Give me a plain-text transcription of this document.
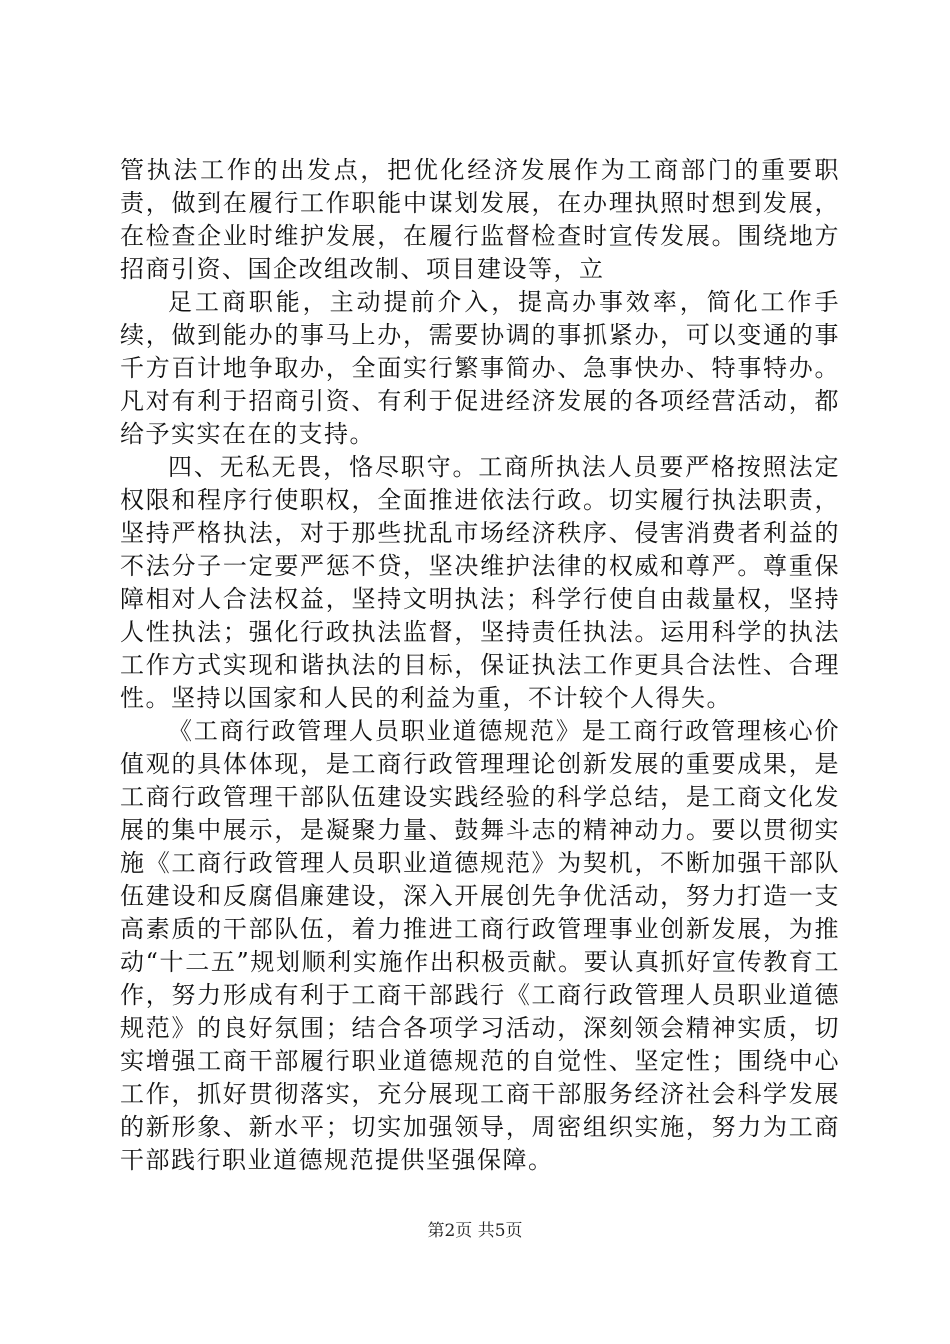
管执法工作的出发点，把优化经济发展作为工商部门的重要职责，做到在履行工作职能中谋划发展，在办理执照时想到发展，在检查企业时维护发展，在履行监督检查时宣传发展。围绕地方招商引资、国企改组改制、项目建设等，立

足工商职能，主动提前介入，提高办事效率，简化工作手续，做到能办的事马上办，需要协调的事抓紧办，可以变通的事千方百计地争取办，全面实行繁事简办、急事快办、特事特办。凡对有利于招商引资、有利于促进经济发展的各项经营活动，都给予实实在在的支持。

四、无私无畏，恪尽职守。工商所执法人员要严格按照法定权限和程序行使职权，全面推进依法行政。切实履行执法职责，坚持严格执法，对于那些扰乱市场经济秩序、侵害消费者利益的不法分子一定要严惩不贷，坚决维护法律的权威和尊严。尊重保障相对人合法权益，坚持文明执法；科学行使自由裁量权，坚持人性执法；强化行政执法监督，坚持责任执法。运用科学的执法工作方式实现和谐执法的目标，保证执法工作更具合法性、合理性。坚持以国家和人民的利益为重，不计较个人得失。

《工商行政管理人员职业道德规范》是工商行政管理核心价值观的具体体现，是工商行政管理理论创新发展的重要成果，是工商行政管理干部队伍建设实践经验的科学总结，是工商文化发展的集中展示，是凝聚力量、鼓舞斗志的精神动力。要以贯彻实施《工商行政管理人员职业道德规范》为契机，不断加强干部队伍建设和反腐倡廉建设，深入开展创先争优活动，努力打造一支高素质的干部队伍，着力推进工商行政管理事业创新发展，为推动“十二五”规划顺利实施作出积极贡献。要认真抓好宣传教育工作，努力形成有利于工商干部践行《工商行政管理人员职业道德规范》的良好氛围；结合各项学习活动，深刻领会精神实质，切实增强工商干部履行职业道德规范的自觉性、坚定性；围绕中心工作，抓好贯彻落实，充分展现工商干部服务经济社会科学发展的新形象、新水平；切实加强领导，周密组织实施，努力为工商干部践行职业道德规范提供坚强保障。

第2页 共5页
